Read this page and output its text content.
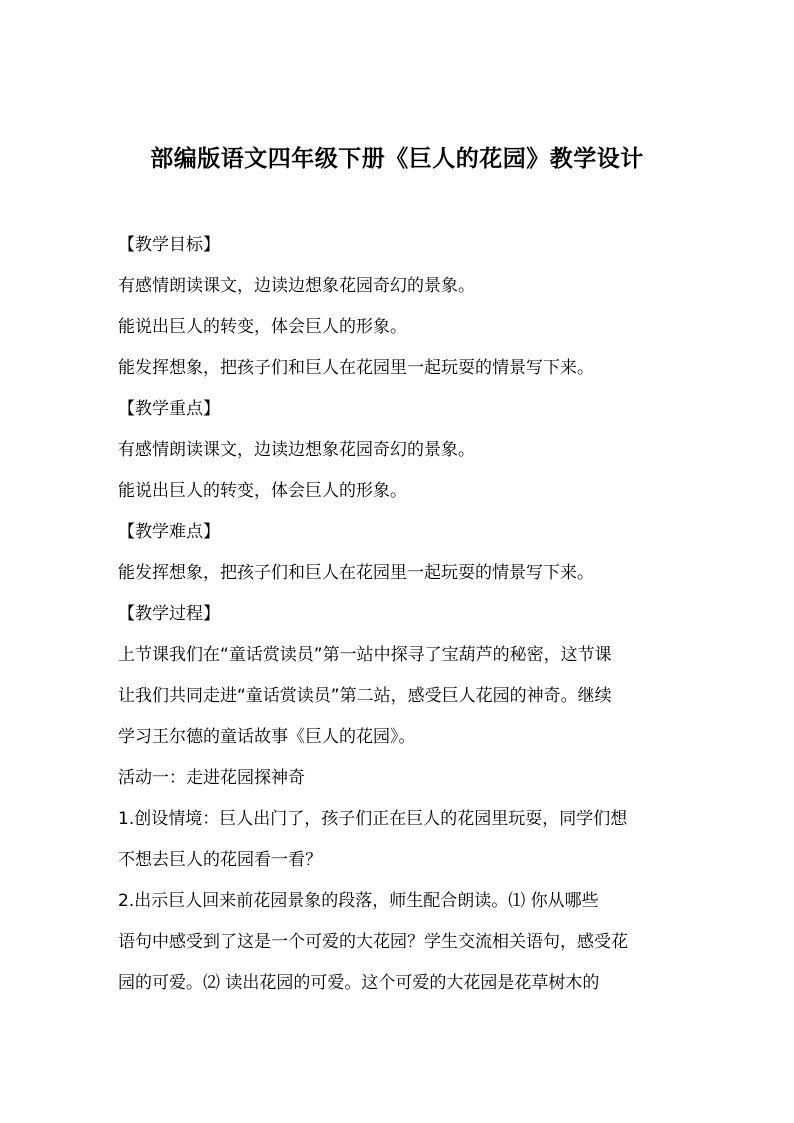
部编版语文四年级下册《巨人的花园》教学设计
【教学目标】
有感情朗读课文，边读边想象花园奇幻的景象。
能说出巨人的转变，体会巨人的形象。
能发挥想象，把孩子们和巨人在花园里一起玩耍的情景写下来。
【教学重点】
有感情朗读课文，边读边想象花园奇幻的景象。
能说出巨人的转变，体会巨人的形象。
【教学难点】
能发挥想象，把孩子们和巨人在花园里一起玩耍的情景写下来。
【教学过程】
上节课我们在“童话赏读员”第一站中探寻了宝葫芦的秘密，这节课
让我们共同走进“童话赏读员”第二站，感受巨人花园的神奇。继续
学习王尔德的童话故事《巨人的花园》。
活动一：走进花园探神奇
1.创设情境：巨人出门了，孩子们正在巨人的花园里玩耍，同学们想
不想去巨人的花园看一看？
2.出示巨人回来前花园景象的段落，师生配合朗读。⑴ 你从哪些
语句中感受到了这是一个可爱的大花园？学生交流相关语句，感受花
园的可爱。⑵ 读出花园的可爱。这个可爱的大花园是花草树木的
